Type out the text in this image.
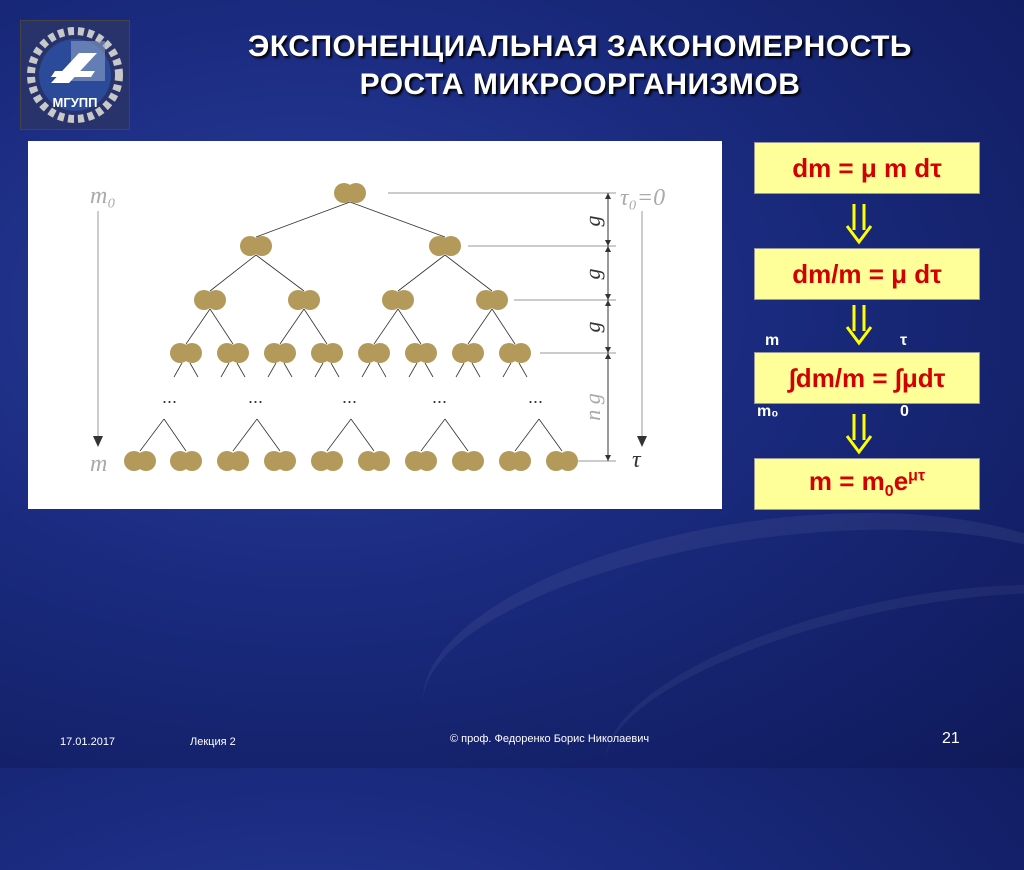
МГУПП
ЭКСПОНЕНЦИАЛЬНАЯ ЗАКОНОМЕРНОСТЬ
РОСТА МИКРООРГАНИЗМОВ
m₀
m
τ₀=0
τ
g
g
g
n g
...	...	...	...	...
dm = μ m dτ
dm/m = μ dτ
m	τ
∫dm/m = ∫μdτ
m₀	0
$m = m_0e^{\mu\tau}$
17.01.2017	Лекция 2	© проф. Федоренко Борис Николаевич	21
